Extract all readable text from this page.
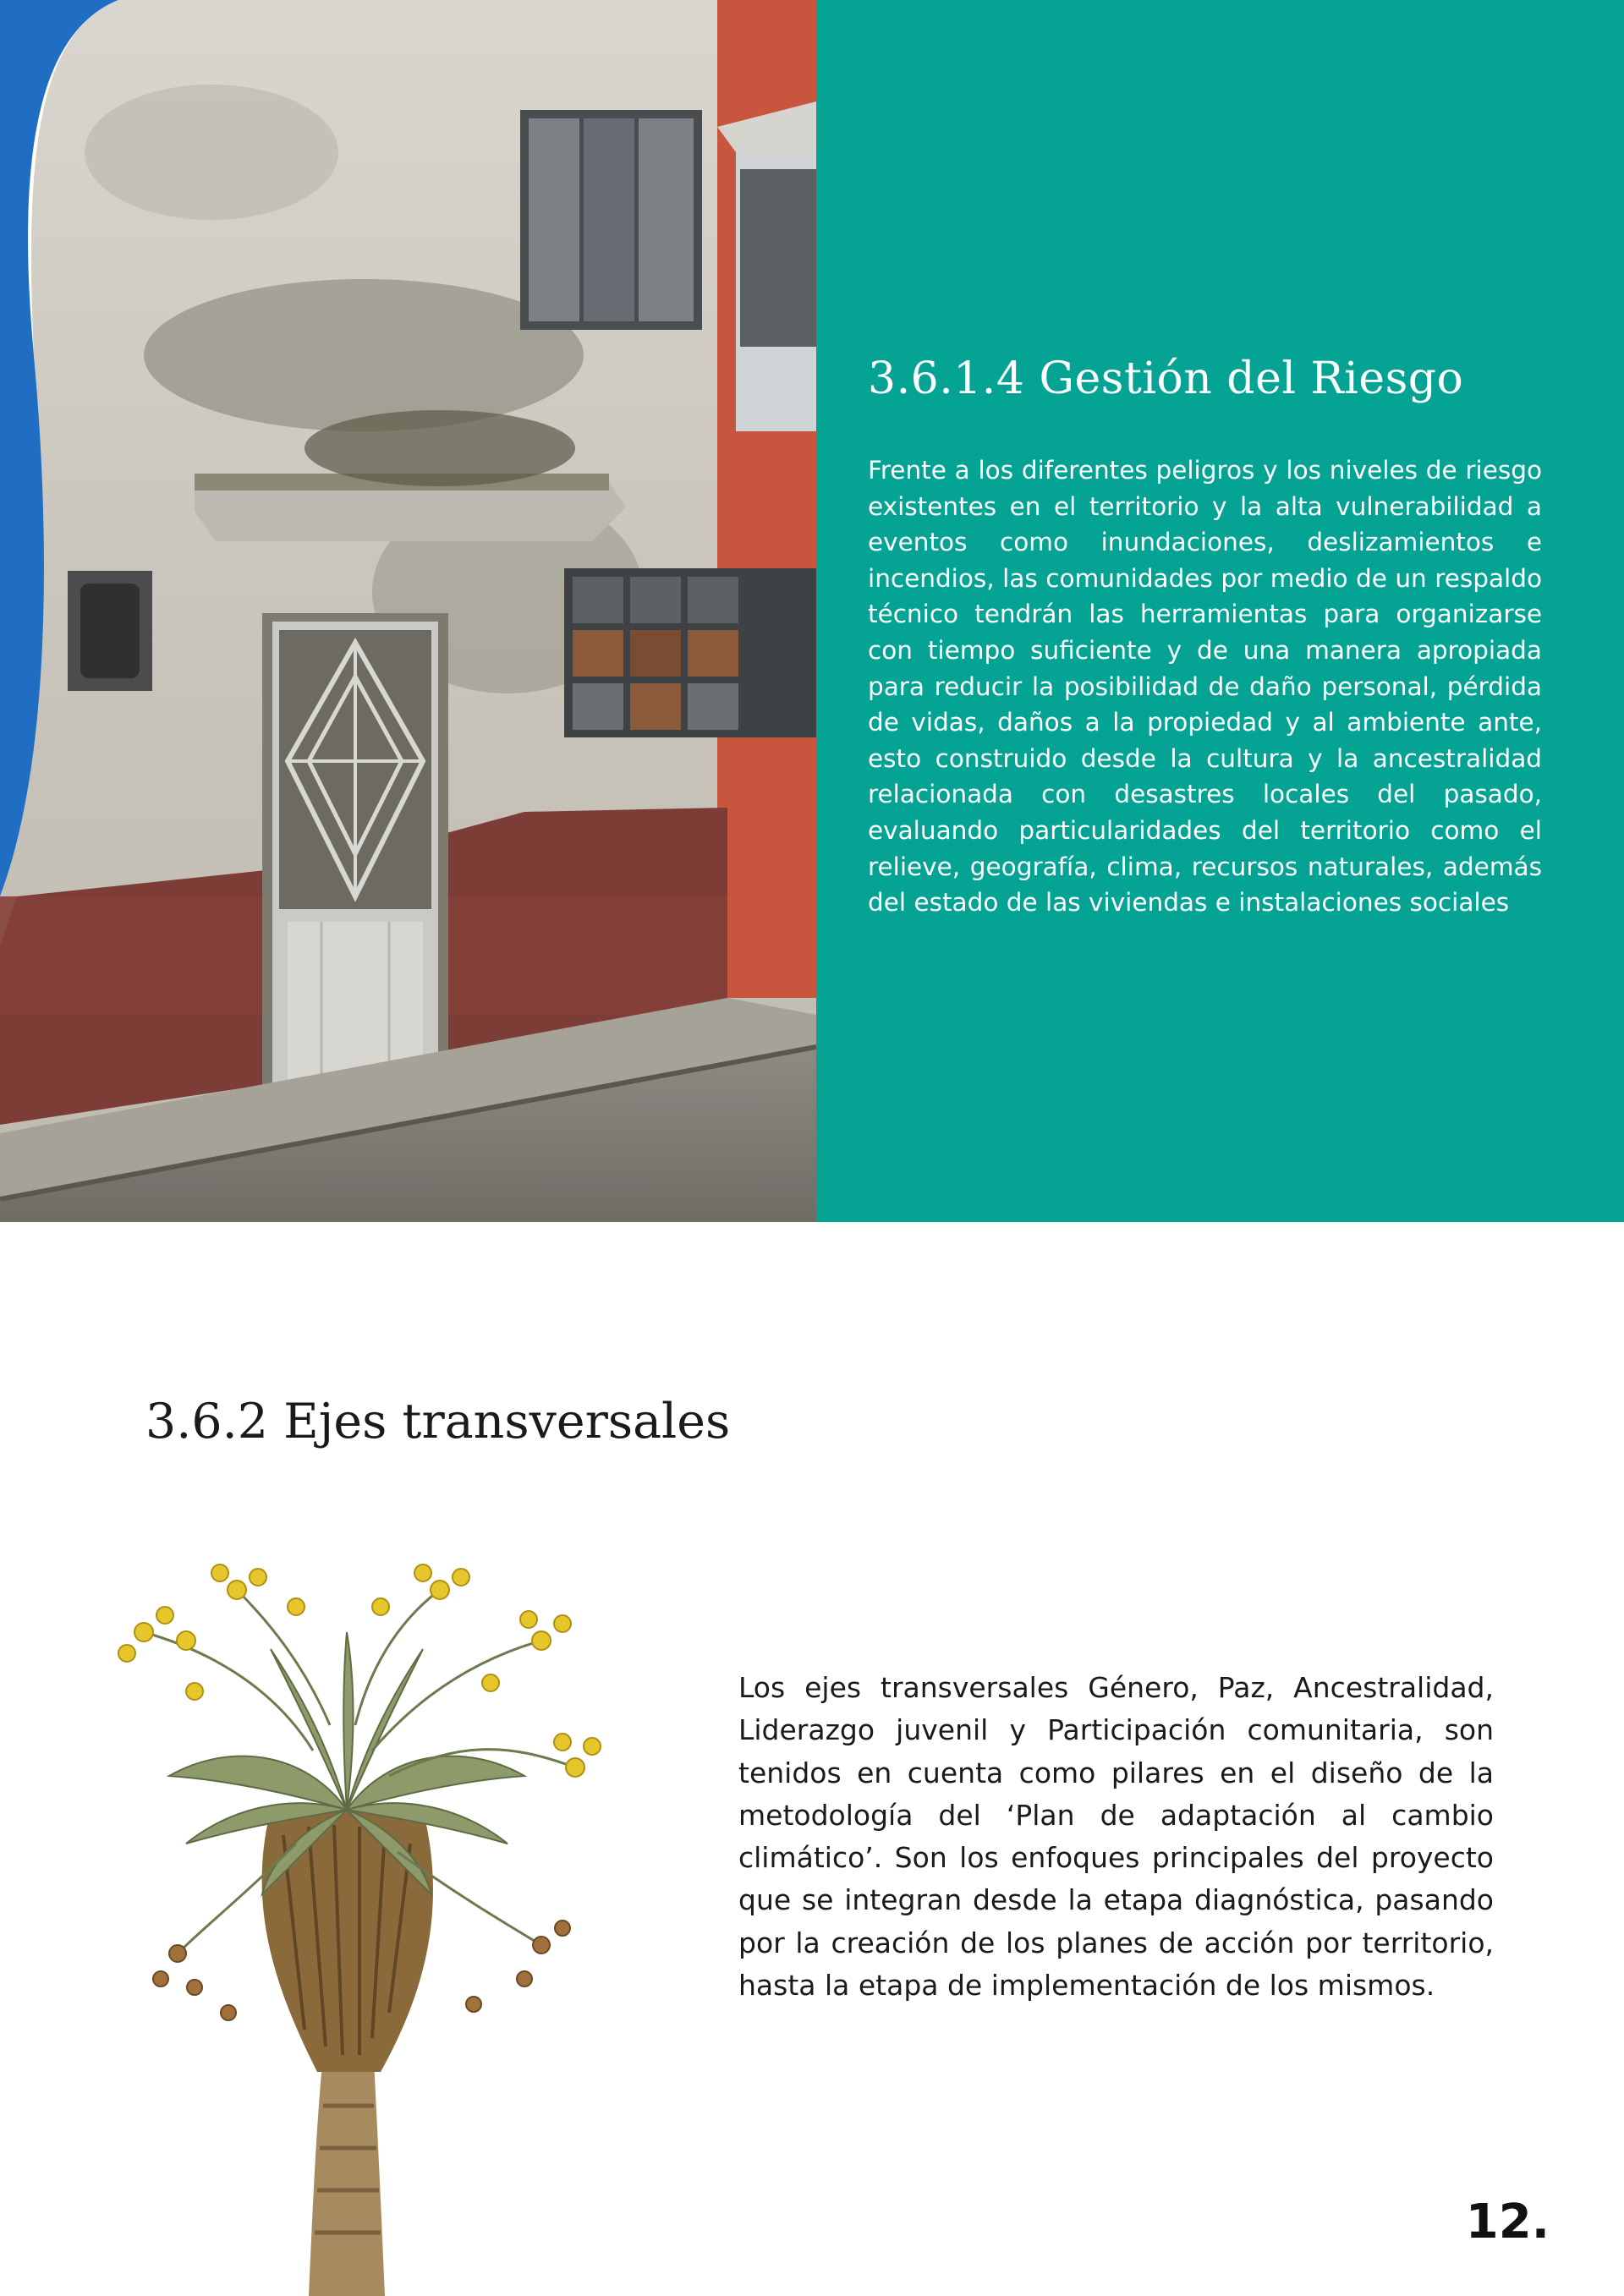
3.6.1.4 Gestión del Riesgo

Frente a los diferentes peligros y los niveles de riesgo existentes en el territorio y la alta vulnerabilidad a eventos como inundaciones, deslizamientos e incendios, las comunidades por medio de un respaldo técnico tendrán las herramientas para organizarse con tiempo suficiente y de una manera apropiada para reducir la posibilidad de daño personal, pérdida de vidas, daños a la propiedad y al ambiente ante, esto construido desde la cultura y la ancestralidad relacionada con desastres locales del pasado, evaluando particularidades del territorio como el relieve, geografía, clima, recursos naturales, además del estado de las viviendas e instalaciones sociales

3.6.2 Ejes transversales

Los ejes transversales Género, Paz, Ancestralidad, Liderazgo juvenil y Participación comunitaria, son tenidos en cuenta como pilares en el diseño de la metodología del ‘Plan de adaptación al cambio climático’. Son los enfoques principales del proyecto que se integran desde la etapa diagnóstica, pasando por la creación de los planes de acción por territorio, hasta la etapa de implementación de los mismos.

12.
